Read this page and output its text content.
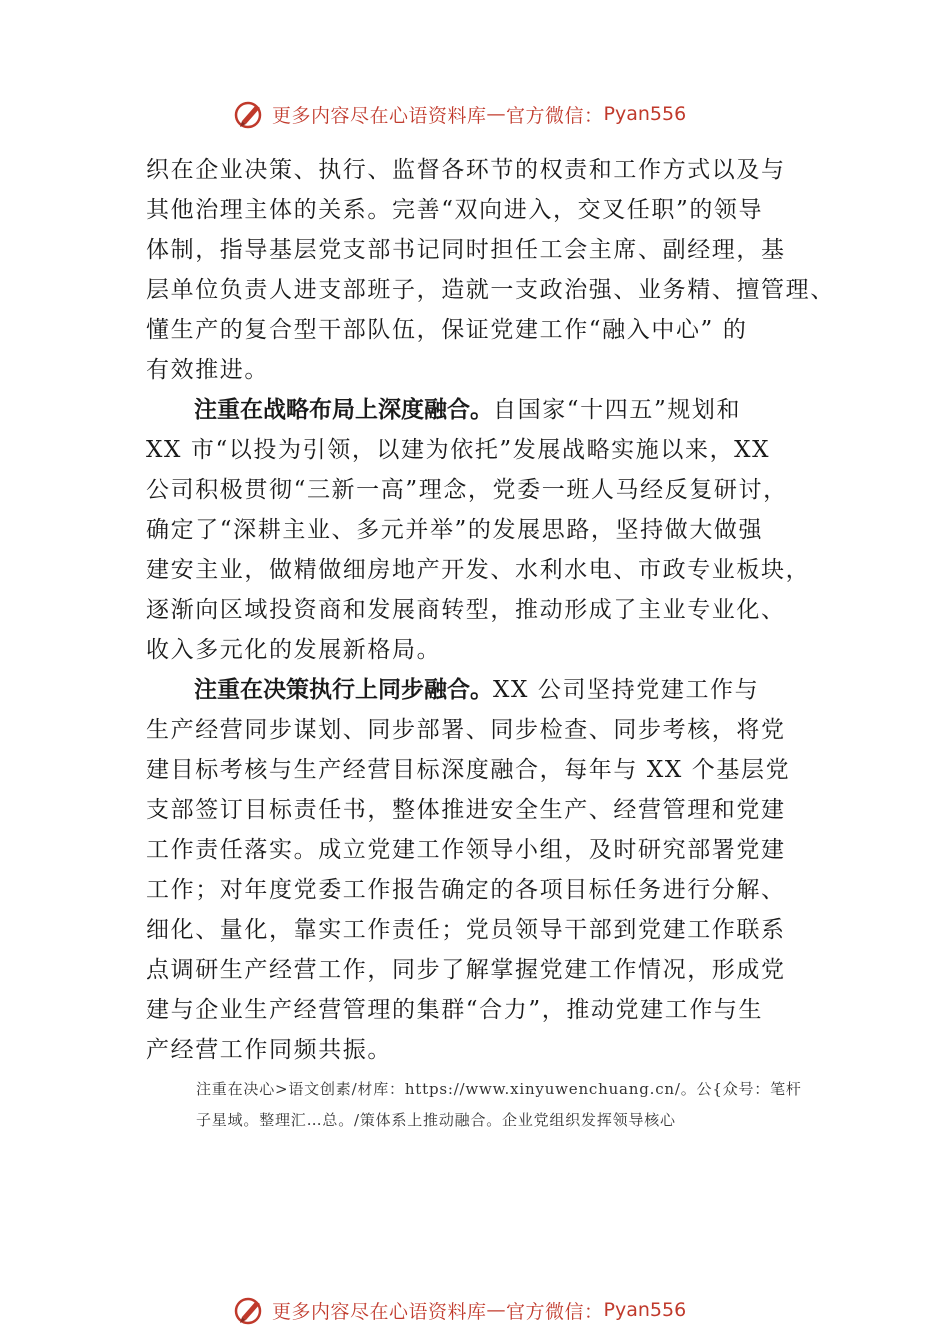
更多内容尽在心语资料库 — 官方微信： Pyan556
织在企业决策、执行、监督各环节的权责和工作方式以及与
其他治理主体的关系。完善“双向进入，交叉任职”的领导
体制，指导基层党支部书记同时担任工会主席、副经理，基
层单位负责人进支部班子，造就一支政治强、业务精、擅管理、
懂生产的复合型干部队伍，保证党建工作“融入中心” 的
有效推进。
注重在战略布局上深度融合。自国家“十四五”规划和
XX 市“以投为引领，以建为依托”发展战略实施以来，XX
公司积极贯彻“三新一高”理念，党委一班人马经反复研讨，
确定了“深耕主业、多元并举”的发展思路，坚持做大做强
建安主业，做精做细房地产开发、水利水电、市政专业板块，
逐渐向区域投资商和发展商转型，推动形成了主业专业化、
收入多元化的发展新格局。
注重在决策执行上同步融合。XX 公司坚持党建工作与
生产经营同步谋划、同步部署、同步检查、同步考核，将党
建目标考核与生产经营目标深度融合，每年与 XX 个基层党
支部签订目标责任书，整体推进安全生产、经营管理和党建
工作责任落实。成立党建工作领导小组，及时研究部署党建
工作；对年度党委工作报告确定的各项目标任务进行分解、
细化、量化，靠实工作责任；党员领导干部到党建工作联系
点调研生产经营工作，同步了解掌握党建工作情况，形成党
建与企业生产经营管理的集群“合力”，推动党建工作与生
产经营工作同频共振。
注重在决心>语文创素/材库：https://www.xinyuwenchuang.cn/。公{众号：笔杆
子星域。整理汇…总。/策体系上推动融合。企业党组织发挥领导核心
更多内容尽在心语资料库 — 官方微信： Pyan556
